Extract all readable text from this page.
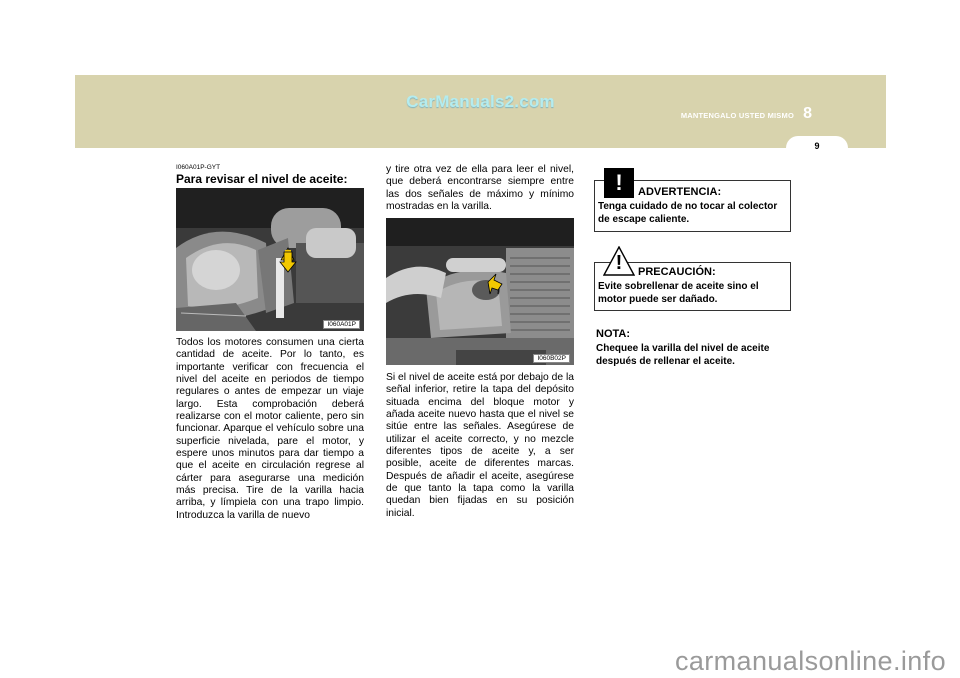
CarManuals2.com
MANTENGALO USTED MISMO 8
9
I060A01P-GYT
Para revisar el nivel de aceite:
I060A01P
Todos los motores consumen una cierta cantidad de aceite. Por lo tanto, es importante verificar con frecuencia el nivel del aceite en periodos de tiempo regulares o antes de empezar un viaje largo. Esta comprobación deberá realizarse con el motor caliente, pero sin funcionar. Aparque el vehículo sobre una superficie nivelada, pare el motor, y espere unos minutos para dar tiempo a que el aceite en circulación regrese al cárter para asegurarse una medición más precisa. Tire de la varilla hacia arriba, y límpiela con una trapo limpio. Introduzca la varilla de nuevo
y tire otra vez de ella para leer el nivel, que deberá encontrarse siempre entre las dos señales de máximo y mínimo mostradas en la varilla.
I060B02P
Si el nivel de aceite está por debajo de la señal inferior, retire la tapa del depósito situada encima del bloque motor y añada aceite nuevo hasta que el nivel se sitúe entre las señales. Asegúrese de utilizar el aceite correcto, y no mezcle diferentes tipos de aceite y, a ser posible, aceite de diferentes marcas. Después de añadir el aceite, asegúrese de que tanto la tapa como la varilla quedan bien fijadas en su posición inicial.
!	ADVERTENCIA:
Tenga cuidado de no tocar al colector de escape caliente.
!	PRECAUCIÓN:
Evite sobrellenar de aceite sino el motor puede ser dañado.
NOTA:
Chequee la varilla del nivel de aceite después de rellenar el aceite.
carmanualsonline.info
